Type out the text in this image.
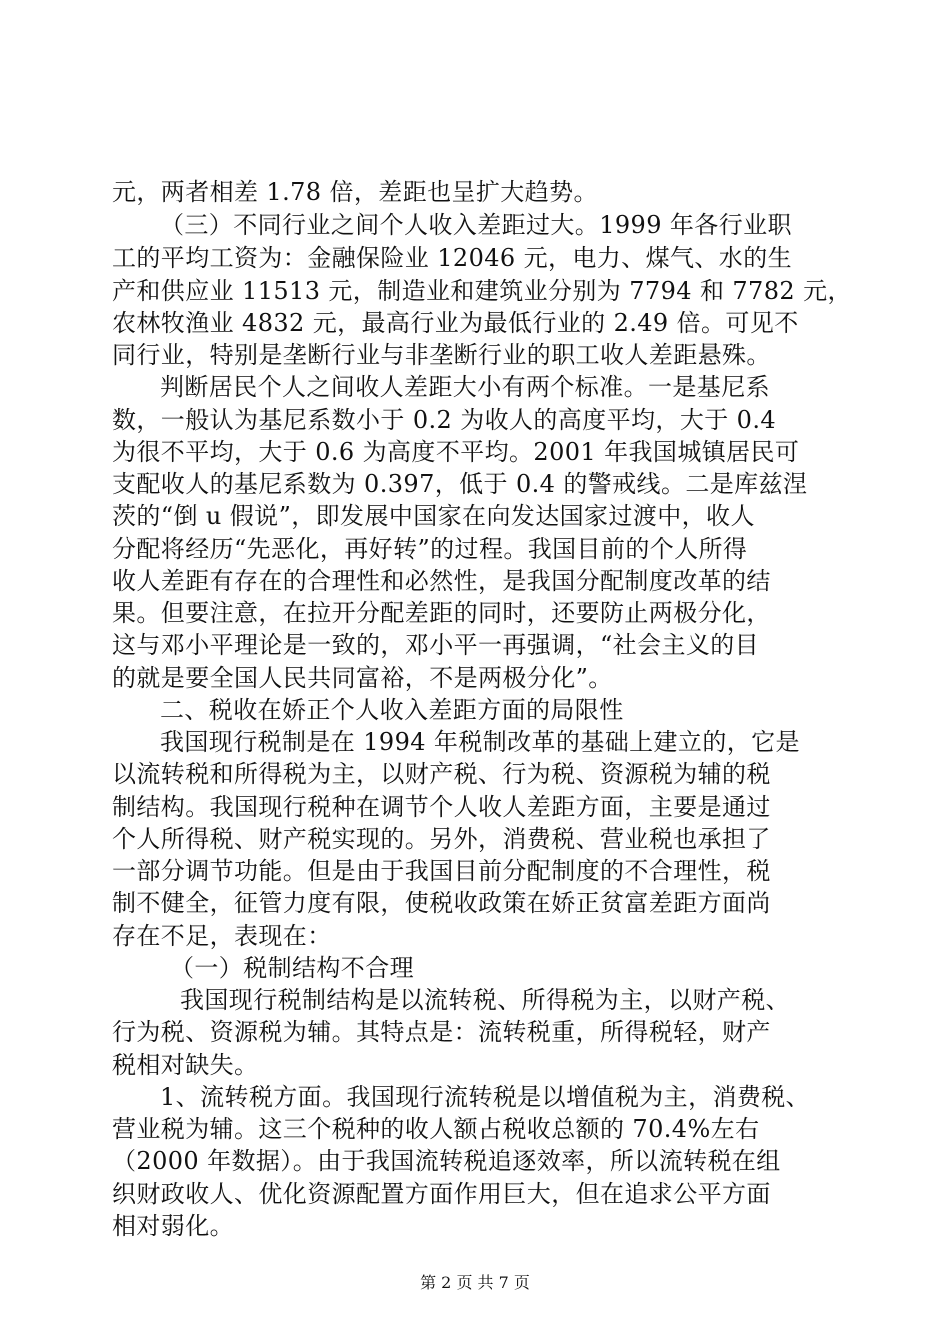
元，两者相差 1.78 倍，差距也呈扩大趋势。
（三）不同行业之间个人收入差距过大。1999 年各行业职
工的平均工资为：金融保险业 12046 元，电力、煤气、水的生
产和供应业 11513 元，制造业和建筑业分别为 7794 和 7782 元，
农林牧渔业 4832 元，最高行业为最低行业的 2.49 倍。可见不
同行业，特别是垄断行业与非垄断行业的职工收人差距悬殊。
判断居民个人之间收人差距大小有两个标准。一是基尼系
数，一般认为基尼系数小于 0.2 为收人的高度平均，大于 0.4
为很不平均，大于 0.6 为高度不平均。2001 年我国城镇居民可
支配收人的基尼系数为 0.397，低于 0.4 的警戒线。二是库兹涅
茨的“倒 u 假说”，即发展中国家在向发达国家过渡中，收人
分配将经历“先恶化，再好转”的过程。我国目前的个人所得
收人差距有存在的合理性和必然性，是我国分配制度改革的结
果。但要注意，在拉开分配差距的同时，还要防止两极分化，
这与邓小平理论是一致的，邓小平一再强调，“社会主义的目
的就是要全国人民共同富裕，不是两极分化”。
二、税收在娇正个人收入差距方面的局限性
我国现行税制是在 1994 年税制改革的基础上建立的，它是
以流转税和所得税为主，以财产税、行为税、资源税为辅的税
制结构。我国现行税种在调节个人收人差距方面，主要是通过
个人所得税、财产税实现的。另外，消费税、营业税也承担了
一部分调节功能。但是由于我国目前分配制度的不合理性，税
制不健全，征管力度有限，使税收政策在娇正贫富差距方面尚
存在不足，表现在：
（一）税制结构不合理
我国现行税制结构是以流转税、所得税为主，以财产税、
行为税、资源税为辅。其特点是：流转税重，所得税轻，财产
税相对缺失。
1、流转税方面。我国现行流转税是以增值税为主，消费税、
营业税为辅。这三个税种的收人额占税收总额的 70.4%左右
（2000 年数据）。由于我国流转税追逐效率，所以流转税在组
织财政收人、优化资源配置方面作用巨大，但在追求公平方面
相对弱化。
第 2 页 共 7 页
